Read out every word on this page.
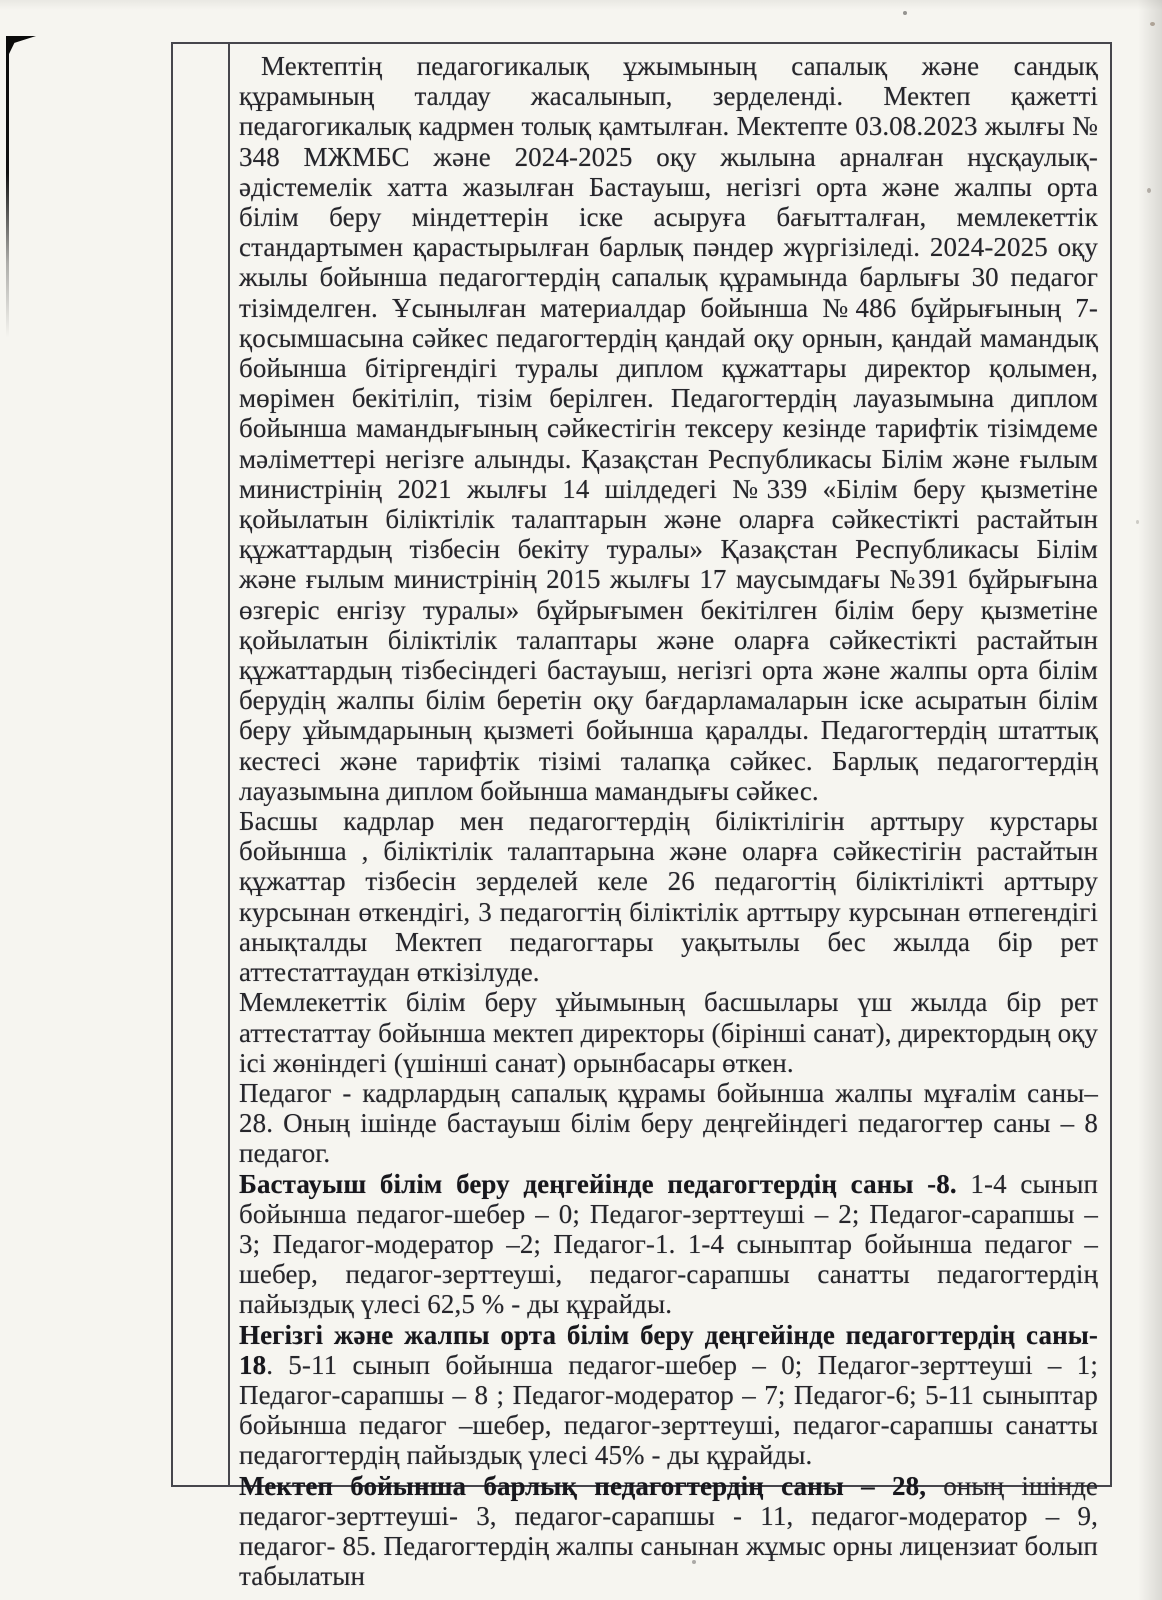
Мектептің педагогикалық ұжымының сапалық және сандық құрамының талдау жасалынып, зерделенді. Мектеп қажетті педагогикалық кадрмен толық қамтылған. Мектепте 03.08.2023 жылғы № 348 МЖМБС және 2024-2025 оқу жылына арналған нұсқаулық-әдістемелік хатта жазылған Бастауыш, негізгі орта және жалпы орта білім беру міндеттерін іске асыруға бағытталған, мемлекеттік стандартымен қарастырылған барлық пәндер жүргізіледі. 2024-2025 оқу жылы бойынша педагогтердің сапалық құрамында барлығы 30 педагог тізімделген. Ұсынылған материалдар бойынша №486 бұйрығының 7-қосымшасына сәйкес педагогтердің қандай оқу орнын, қандай мамандық бойынша бітіргендігі туралы диплом құжаттары директор қолымен, мөрімен бекітіліп, тізім берілген. Педагогтердің лауазымына диплом бойынша мамандығының сәйкестігін тексеру кезінде тарифтік тізімдеме мәліметтері негізге алынды. Қазақстан Республикасы Білім және ғылым министрінің 2021 жылғы 14 шілдедегі №339 «Білім беру қызметіне қойылатын біліктілік талаптарын және оларға сәйкестікті растайтын құжаттардың тізбесін бекіту туралы» Қазақстан Республикасы Білім және ғылым министрінің 2015 жылғы 17 маусымдағы №391 бұйрығына өзгеріс енгізу туралы» бұйрығымен бекітілген білім беру қызметіне қойылатын біліктілік талаптары және оларға сәйкестікті растайтын құжаттардың тізбесіндегі бастауыш, негізгі орта және жалпы орта білім берудің жалпы білім беретін оқу бағдарламаларын іске асыратын білім беру ұйымдарының қызметі бойынша қаралды. Педагогтердің штаттық кестесі және тарифтік тізімі талапқа сәйкес. Барлық педагогтердің лауазымына диплом бойынша мамандығы сәйкес.

Басшы кадрлар мен педагогтердің біліктілігін арттыру курстары бойынша , біліктілік талаптарына және оларға сәйкестігін растайтын құжаттар тізбесін зерделей келе 26 педагогтің біліктілікті арттыру курсынан өткендігі, 3 педагогтің біліктілік арттыру курсынан өтпегендігі анықталды Мектеп педагогтары уақытылы бес жылда бір рет аттестаттаудан өткізілуде.

Мемлекеттік білім беру ұйымының басшылары үш жылда бір рет аттестаттау бойынша мектеп директоры (бірінші санат), директордың оқу ісі жөніндегі (үшінші санат) орынбасары өткен.

Педагог - кадрлардың сапалық құрамы бойынша жалпы мұғалім саны–28. Оның ішінде бастауыш білім беру деңгейіндегі педагогтер саны – 8 педагог.

Бастауыш білім беру деңгейінде педагогтердің саны -8. 1-4 сынып бойынша педагог-шебер – 0; Педагог-зерттеуші – 2; Педагог-сарапшы – 3; Педагог-модератор –2; Педагог-1. 1-4 сыныптар бойынша педагог –шебер, педагог-зерттеуші, педагог-сарапшы санатты педагогтердің пайыздық үлесі 62,5 % - ды құрайды.

Негізгі және жалпы орта білім беру деңгейінде педагогтердің саны- 18. 5-11 сынып бойынша педагог-шебер – 0; Педагог-зерттеуші – 1; Педагог-сарапшы – 8 ; Педагог-модератор – 7; Педагог-6; 5-11 сыныптар бойынша педагог –шебер, педагог-зерттеуші, педагог-сарапшы санатты педагогтердің пайыздық үлесі 45% - ды құрайды.

Мектеп бойынша барлық педагогтердің саны – 28, оның ішінде педагог-зерттеуші- 3, педагог-сарапшы - 11, педагог-модератор – 9, педагог- 85. Педагогтердің жалпы санынан жұмыс орны лицензиат болып табылатын
